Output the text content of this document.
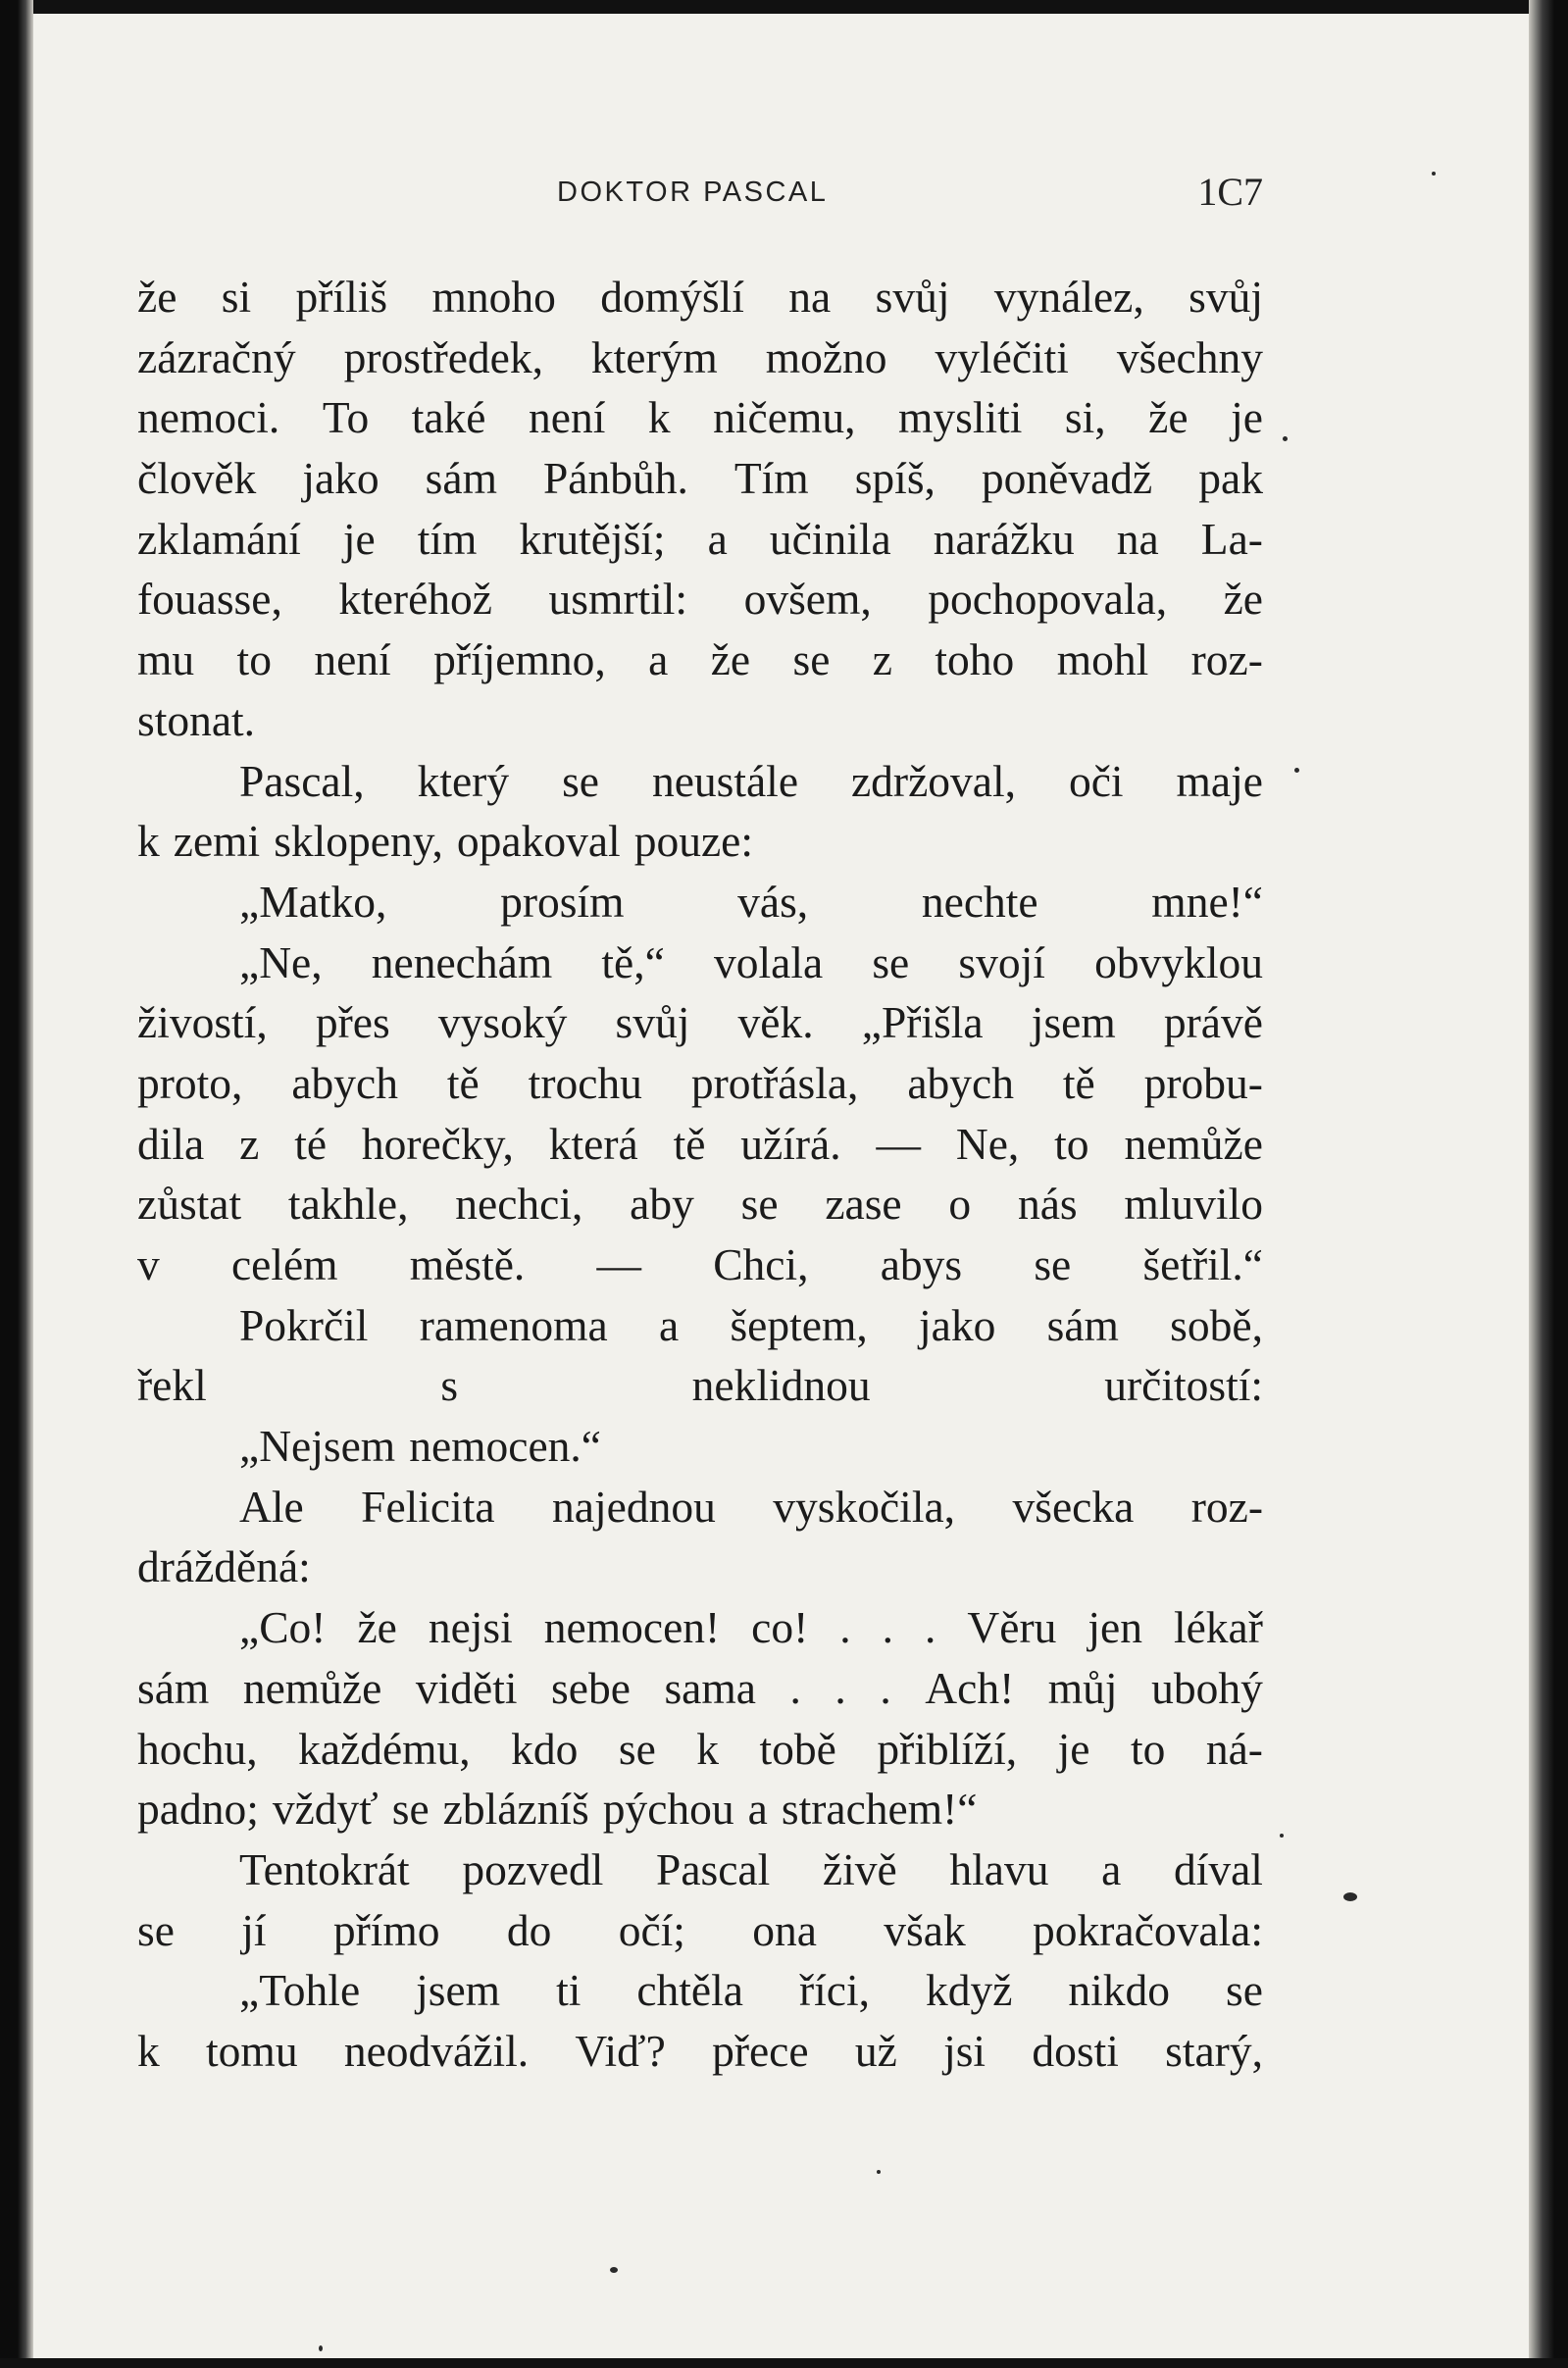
DOKTOR PASCAL	1C7
že si příliš mnoho domýšlí na svůj vynález, svůj
zázračný prostředek, kterým možno vyléčiti všechny
nemoci. To také není k ničemu, mysliti si, že je
člověk jako sám Pánbůh. Tím spíš, poněvadž pak
zklamání je tím krutější; a učinila narážku na La-
fouasse, kteréhož usmrtil: ovšem, pochopovala, že
mu to není příjemno, a že se z toho mohl roz-
stonat.
Pascal, který se neustále zdržoval, oči maje
k zemi sklopeny, opakoval pouze:
„Matko,	prosím	vás,	nechte	mne!“
„Ne, nenechám tě,“ volala se svojí obvyklou
živostí, přes vysoký svůj věk. „Přišla jsem právě
proto, abych tě trochu protřásla, abych tě probu-
dila z té horečky, která tě užírá. — Ne, to nemůže
zůstat takhle, nechci, aby se zase o nás mluvilo
v celém městě. — Chci, abys se šetřil.“
Pokrčil ramenoma a šeptem, jako sám sobě,
řekl	s	neklidnou	určitostí:
„Nejsem nemocen.“
Ale Felicita najednou vyskočila, všecka roz-
drážděná:
„Co! že nejsi nemocen! co! . . . Věru jen lékař
sám nemůže viděti sebe sama . . . Ach! můj ubohý
hochu, každému, kdo se k tobě přiblíží, je to ná-
padno; vždyť se zblázníš pýchou a strachem!“
Tentokrát pozvedl Pascal živě hlavu a díval
se jí přímo do očí; ona však pokračovala:
„Tohle jsem ti chtěla říci, když nikdo se
k tomu neodvážil. Viď? přece už jsi dosti starý,
